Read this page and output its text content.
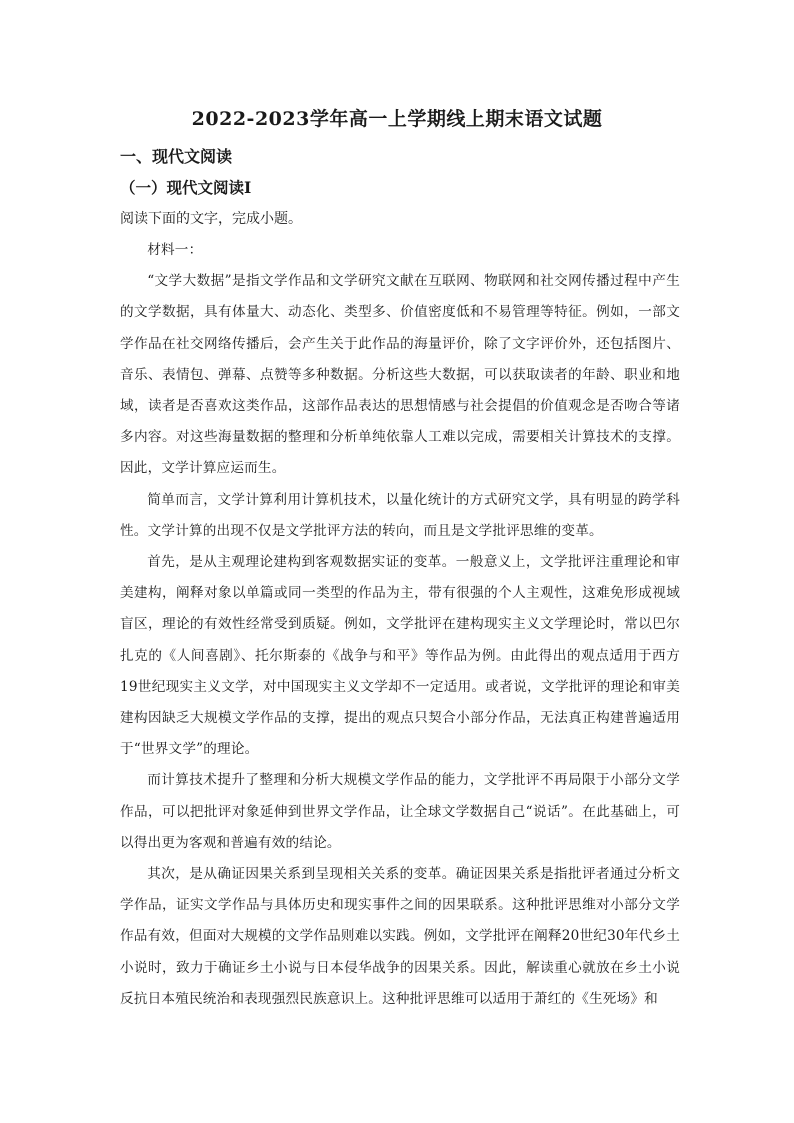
2022-2023学年高一上学期线上期末语文试题
一、现代文阅读
（一）现代文阅读Ⅰ
阅读下面的文字，完成小题。

材料一：

“文学大数据”是指文学作品和文学研究文献在互联网、物联网和社交网传播过程中产生的文学数据，具有体量大、动态化、类型多、价值密度低和不易管理等特征。例如，一部文学作品在社交网络传播后，会产生关于此作品的海量评价，除了文字评价外，还包括图片、音乐、表情包、弹幕、点赞等多种数据。分析这些大数据，可以获取读者的年龄、职业和地域，读者是否喜欢这类作品，这部作品表达的思想情感与社会提倡的价值观念是否吻合等诸多内容。对这些海量数据的整理和分析单纯依靠人工难以完成，需要相关计算技术的支撑。因此，文学计算应运而生。

简单而言，文学计算利用计算机技术，以量化统计的方式研究文学，具有明显的跨学科性。文学计算的出现不仅是文学批评方法的转向，而且是文学批评思维的变革。

首先，是从主观理论建构到客观数据实证的变革。一般意义上，文学批评注重理论和审美建构，阐释对象以单篇或同一类型的作品为主，带有很强的个人主观性，这难免形成视域盲区，理论的有效性经常受到质疑。例如，文学批评在建构现实主义文学理论时，常以巴尔扎克的《人间喜剧》、托尔斯泰的《战争与和平》等作品为例。由此得出的观点适用于西方19世纪现实主义文学，对中国现实主义文学却不一定适用。或者说，文学批评的理论和审美建构因缺乏大规模文学作品的支撑，提出的观点只契合小部分作品，无法真正构建普遍适用于“世界文学”的理论。

而计算技术提升了整理和分析大规模文学作品的能力，文学批评不再局限于小部分文学作品，可以把批评对象延伸到世界文学作品，让全球文学数据自己“说话”。在此基础上，可以得出更为客观和普遍有效的结论。

其次，是从确证因果关系到呈现相关关系的变革。确证因果关系是指批评者通过分析文学作品，证实文学作品与具体历史和现实事件之间的因果联系。这种批评思维对小部分文学作品有效，但面对大规模的文学作品则难以实践。例如，文学批评在阐释20世纪30年代乡土小说时，致力于确证乡土小说与日本侵华战争的因果关系。因此，解读重心就放在乡土小说反抗日本殖民统治和表现强烈民族意识上。这种批评思维可以适用于萧红的《生死场》和
